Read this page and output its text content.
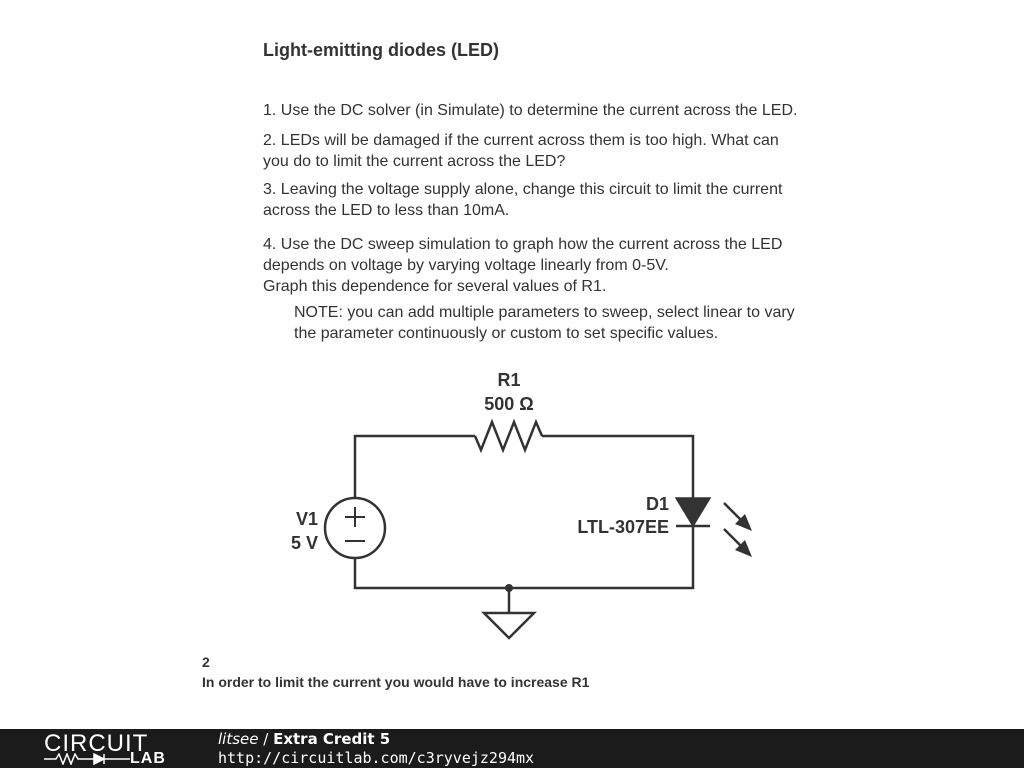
Light-emitting diodes (LED)
1. Use the DC solver (in Simulate) to determine the current across the LED.
2. LEDs will be damaged if the current across them is too high. What can
you do to limit the current across the LED?
3. Leaving the voltage supply alone, change this circuit to limit the current
across the LED to less than 10mA.
4. Use the DC sweep simulation to graph how the current across the LED
depends on voltage by varying voltage linearly from 0-5V.
Graph this dependence for several values of R1.
NOTE: you can add multiple parameters to sweep, select linear to vary
the parameter continuously or custom to set specific values.
R1
500 Ω
V1
5 V
D1
LTL-307EE
2
In order to limit the current you would have to increase R1
CIRCUIT
LAB
litsee / Extra Credit 5
http://circuitlab.com/c3ryvejz294mx
